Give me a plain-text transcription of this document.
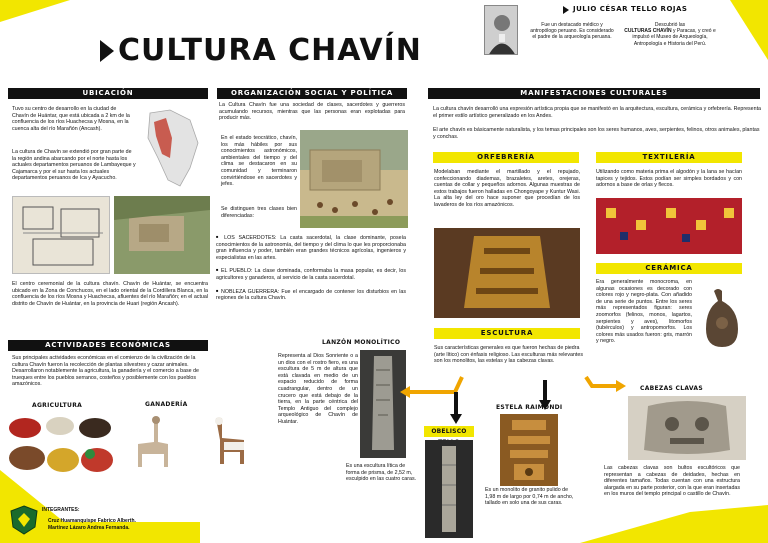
CULTURA CHAVÍN
JULIO CÉSAR TELLO ROJAS
Fue un destacado médico y antropólogo peruano. Es considerado el padre de la arqueología peruana.
Descubrió las
CULTURAS CHAVÍN y Paracas, y creó e impulsó el Museo de Arqueología, Antropología e Historia del Perú.
UBICACIÓN
Tuvo su centro de desarrollo en la ciudad de Chavín de Huántar, que está ubicada a 2 km de la confluencia de los ríos Huachecsa y Mosna, en la cuenca alta del río Marañón (Ancash).
La cultura de Chavín se extendió por gran parte de la región andina abarcando por el norte hasta los actuales departamentos peruanos de Lambayeque y Cajamarca y por el sur hasta los actuales departamentos peruanos de Ica y Ayacucho.
El centro ceremonial de la cultura chavín. Chavín de Huántar, se encuentra ubicado en la Zona de Conchucos, en el lado oriental de la Cordillera Blanca, en la confluencia de los ríos Mosna y Huachecsa, afluentes del río Marañón; en el actual distrito de Chavín de Huántar, en la provincia de Huari (región Ancash).
ACTIVIDADES ECONÓMICAS
Sus principales actividades económicas en el comienzo de la civilización de la cultura Chavín fueron la recolección de plantas silvestres y cazar animales. Desarrollaron notablemente la agricultura, la ganadería y el comercio a base de trueques entre los pueblos serranos, costeños y posiblemente con los pueblos amazónicos.
AGRICULTURA	GANADERÍA
ORGANIZACIÓN SOCIAL Y POLÍTICA
La Cultura Chavín fue una sociedad de clases, sacerdotes y guerreros acumulando recursos, mientras que las personas eran explotadas para producir más.
En el estado teocrático, chavín, los más hábiles por sus conocimientos astronómicos, ambientales del tiempo y del clima se destacaron en su comunidad y terminaron convirtiéndose en sacerdotes y jefes.
Se distinguen tres clases bien diferenciadas:
■ LOS SACERDOTES: La casta sacerdotal, la clase dominante, poseía conocimientos de la astronomía, del tiempo y del clima lo que les proporcionaba gran influencia y poder, también eran grandes técnicos agrícolas, ingenieros y especialistas en las artes.
■ EL PUEBLO: La clase dominada, conformaba la masa popular, es decir, los agricultores y ganaderos, al servicio de la casta sacerdotal.
■ NOBLEZA GUERRERA: Fue el encargado de contener los disturbios en las regiones de la cultura Chavín.
LANZÓN MONOLÍTICO
Representa al Dios Sonriente o a un dios con el rostro fiero, es una escultura de 5 m de altura que está clavada en medio de un espacio reducido de forma cuadrangular, dentro de un crucero que está debajo de la tierra, en la parte céntrica del Templo Antiguo del complejo arqueológico de Chavín de Huántar.
OBELISCO
Es una escultura lítica de forma de prisma, de 2,52 m, esculpido en las cuatro caras.
MANIFESTACIONES CULTURALES
La cultura chavín desarrolló una expresión artística propia que se manifestó en la arquitectura, escultura, cerámica y orfebrería. Representa el primer estilo artístico generalizado en los Andes.
El arte chavín es básicamente naturalista, y los temas principales son los seres humanos, aves, serpientes, felinos, otros animales, plantas y conchas.
ORFEBRERÍA
Modelaban mediante el martillado y el repujado, confeccionando diademas, brazaletes, aretes, orejeras, cuentas de collar y pequeños adornos. Algunas muestras de estos trabajos fueron halladas en Chongoyape y Kuntur Wasi. La alta ley del oro hace suponer que procedían de los lavaderos de los ríos amazónicos.
TEXTILERÍA
Utilizando como materia prima el algodón y la lana se hacían tapices y tejidos. Estos podían ser simples bordados y con adornos a base de orlas y flecos.
CERÁMICA
Era generalmente monocroma, en algunas ocasiones es decorado con colores rojo y negro-plata. Con añadido de una serie de puntos. Entre los seres más representados figuran: seres zoomorfos (felinos, monos, lagartos, serpientes y aves), litomorfos (tubérculos) y antropomorfos. Los colores más usados fueron: gris, marrón y negro.
ESCULTURA
Sus características generales es que fueron hechas de piedra (arte lítico) con énfasis religioso. Las esculturas más relevantes son los monolitos, las estelas y las cabezas clavas.
ESTELA RAIMONDI
Es un monolito de granito pulido de 1,98 m de largo por 0,74 m de ancho, tallado en solo una de sus caras.
CABEZAS CLAVAS
Las cabezas clavas son bultos escultóricos que representan a cabezas de deidades, hechas en diferentes tamaños. Todas cuentan con una estructura alargada en su parte posterior, con la que eran insertadas en los muros del templo principal o castillo de Chavín.
INTEGRANTES:
Cruz Huamanquispe Fabrico Alberth.
Martínez Lázaro Andrea Fernanda.
